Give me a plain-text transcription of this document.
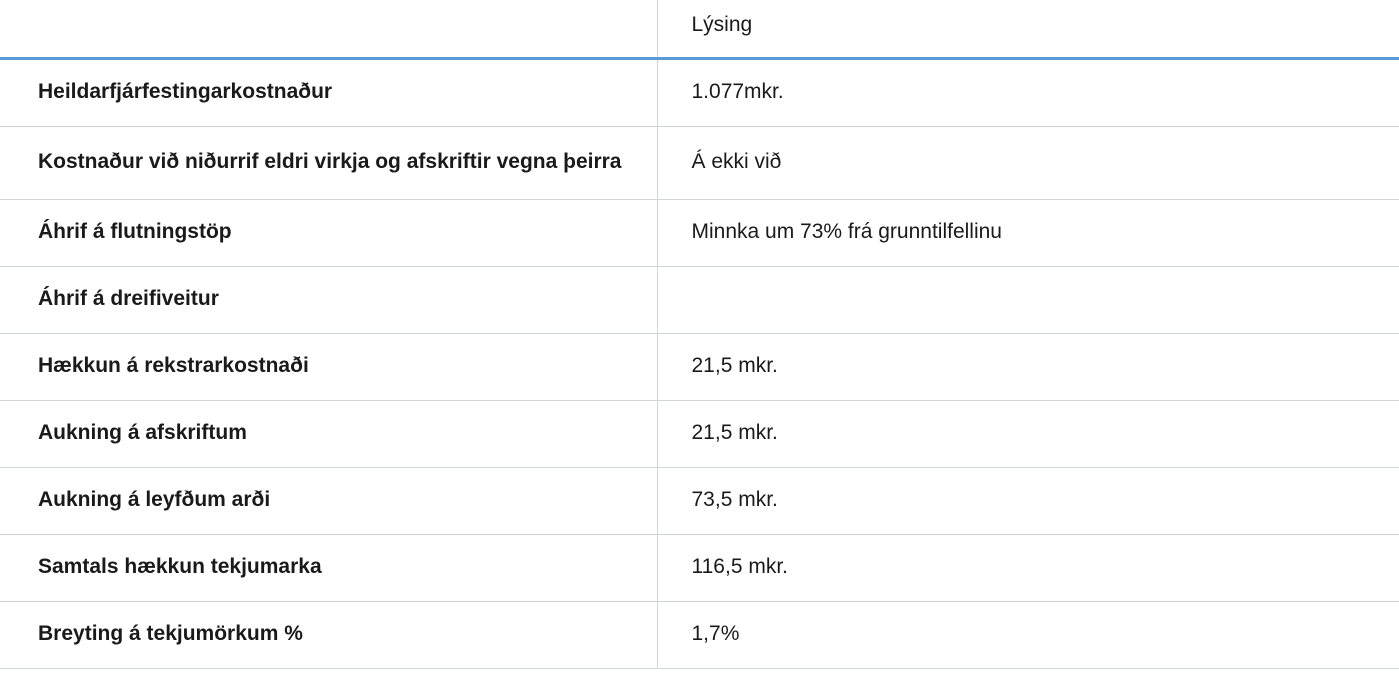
	Lýsing
Heildarfjárfestingarkostnaður	1.077mkr.
Kostnaður við niðurrif eldri virkja og afskriftir vegna þeirra	Á ekki við
Áhrif á flutningstöp	Minnka um 73% frá grunntilfellinu
Áhrif á dreifiveitur	
Hækkun á rekstrarkostnaði	21,5 mkr.
Aukning á afskriftum	21,5 mkr.
Aukning á leyfðum arði	73,5 mkr.
Samtals hækkun tekjumarka	116,5 mkr.
Breyting á tekjumörkum %	1,7%
